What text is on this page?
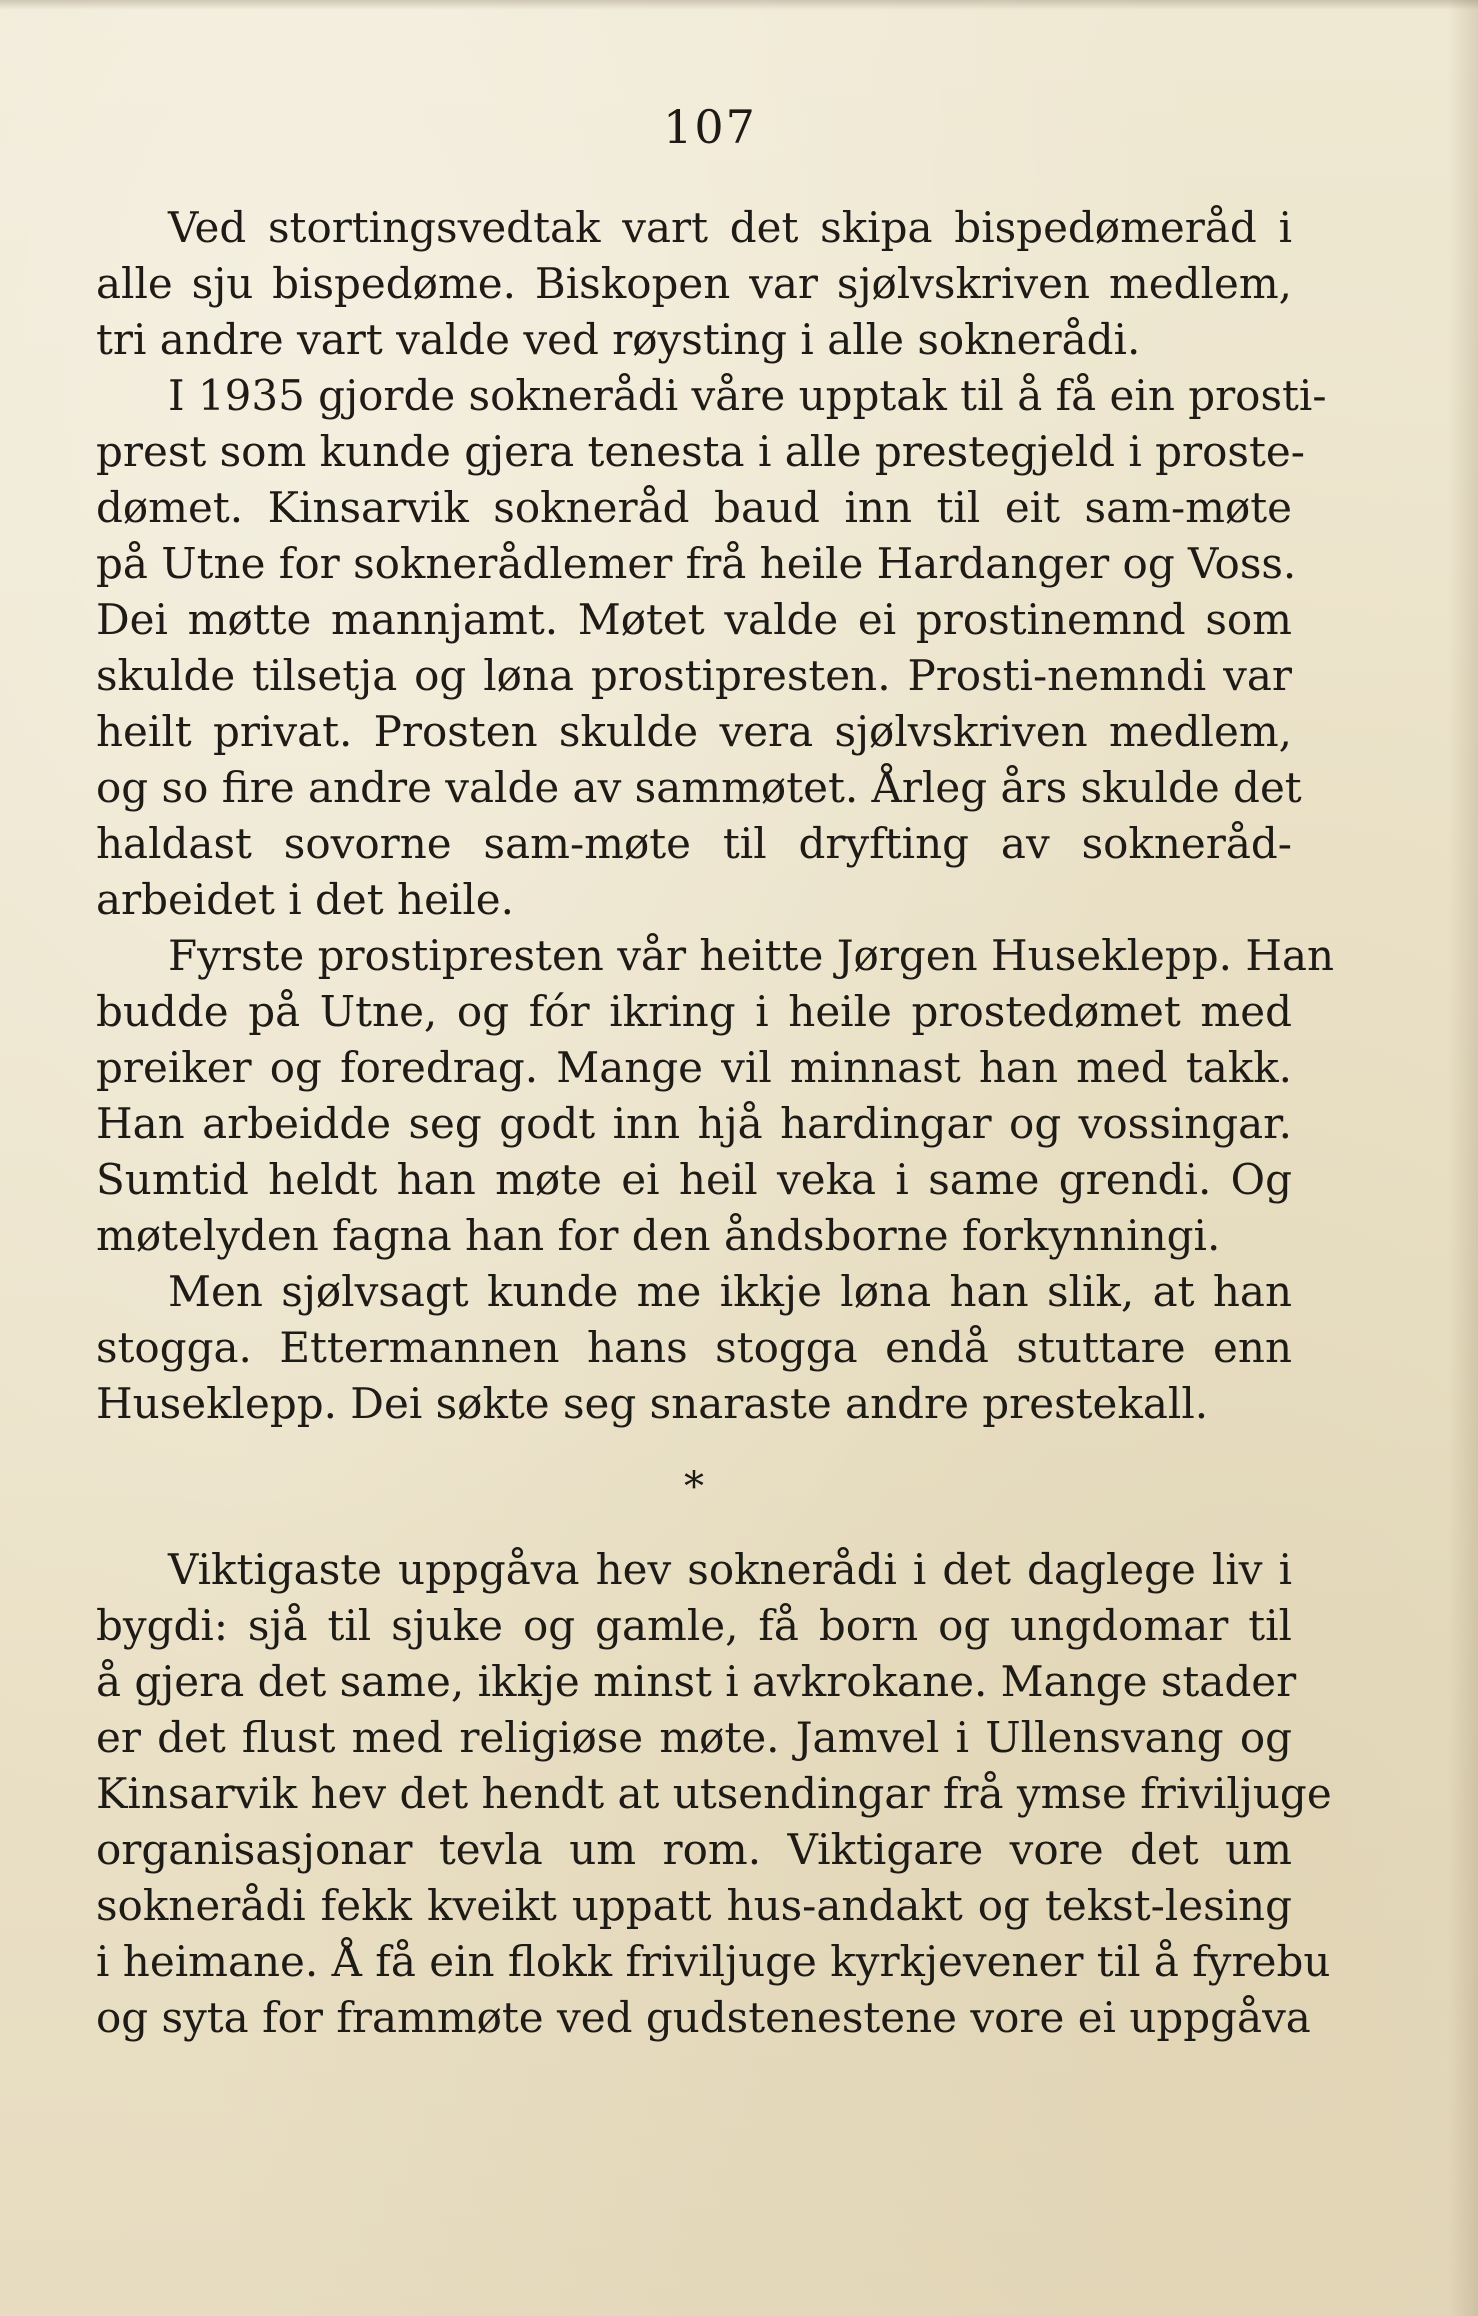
107
Ved stortingsvedtak vart det skipa bispedømeråd i
alle sju bispedøme. Biskopen var sjølvskriven medlem,
tri andre vart valde ved røysting i alle soknerådi.
I 1935 gjorde soknerådi våre upptak til å få ein prosti-
prest som kunde gjera tenesta i alle prestegjeld i proste-
dømet. Kinsarvik sokneråd baud inn til eit sam-møte
på Utne for soknerådlemer frå heile Hardanger og Voss.
Dei møtte mannjamt. Møtet valde ei prostinemnd som
skulde tilsetja og løna prostipresten. Prosti-nemndi var
heilt privat. Prosten skulde vera sjølvskriven medlem,
og so fire andre valde av sammøtet. Årleg års skulde det
haldast sovorne sam-møte til dryfting av sokneråd-
arbeidet i det heile.
Fyrste prostipresten vår heitte Jørgen Huseklepp. Han
budde på Utne, og fór ikring i heile prostedømet med
preiker og foredrag. Mange vil minnast han med takk.
Han arbeidde seg godt inn hjå hardingar og vossingar.
Sumtid heldt han møte ei heil veka i same grendi. Og
møtelyden fagna han for den åndsborne forkynningi.
Men sjølvsagt kunde me ikkje løna han slik, at han
stogga. Ettermannen hans stogga endå stuttare enn
Huseklepp. Dei søkte seg snaraste andre prestekall.
*
Viktigaste uppgåva hev soknerådi i det daglege liv i
bygdi: sjå til sjuke og gamle, få born og ungdomar til
å gjera det same, ikkje minst i avkrokane. Mange stader
er det flust med religiøse møte. Jamvel i Ullensvang og
Kinsarvik hev det hendt at utsendingar frå ymse friviljuge
organisasjonar tevla um rom. Viktigare vore det um
soknerådi fekk kveikt uppatt hus-andakt og tekst-lesing
i heimane. Å få ein flokk friviljuge kyrkjevener til å fyrebu
og syta for frammøte ved gudstenestene vore ei uppgåva
